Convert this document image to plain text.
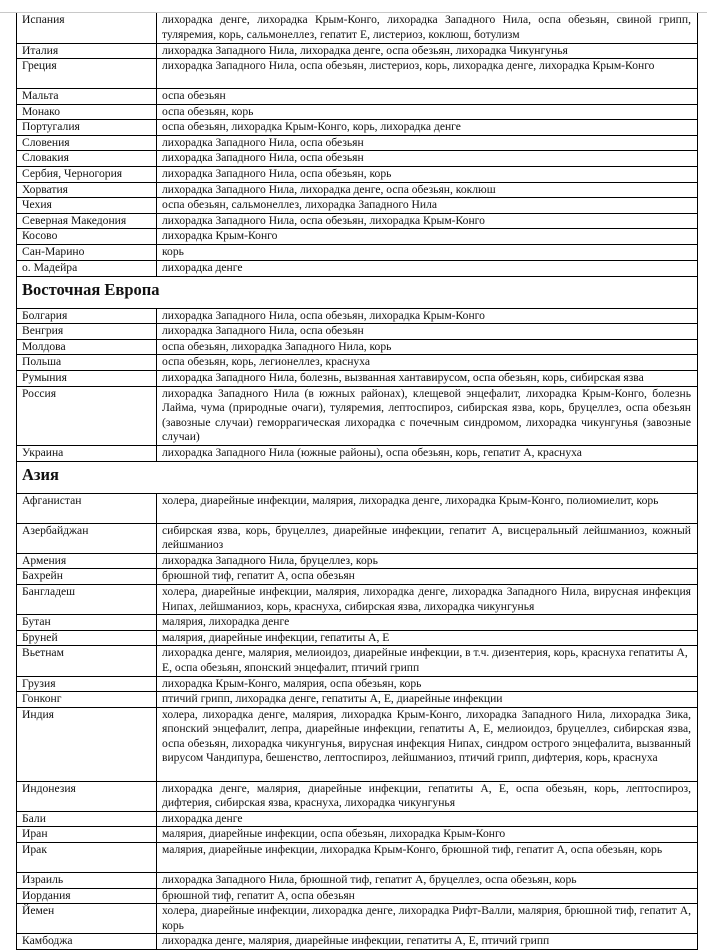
Испания	лихорадка денге, лихорадка Крым-Конго, лихорадка Западного Нила, оспа обезьян, свиной грипп, туляремия, корь, сальмонеллез, гепатит Е, листериоз, коклюш, ботулизм
Италия	лихорадка Западного Нила, лихорадка денге, оспа обезьян, лихорадка Чикунгунья
Греция	лихорадка Западного Нила, оспа обезьян, листериоз, корь, лихорадка денге, лихорадка Крым-Конго
Мальта	оспа обезьян
Монако	оспа обезьян, корь
Португалия	оспа обезьян, лихорадка Крым-Конго, корь, лихорадка денге
Словения	лихорадка Западного Нила, оспа обезьян
Словакия	лихорадка Западного Нила, оспа обезьян
Сербия, Черногория	лихорадка Западного Нила, оспа обезьян, корь
Хорватия	лихорадка Западного Нила, лихорадка денге, оспа обезьян, коклюш
Чехия	оспа обезьян, сальмонеллез, лихорадка Западного Нила
Северная Македония	лихорадка Западного Нила, оспа обезьян, лихорадка Крым-Конго
Косово	лихорадка Крым-Конго
Сан-Марино	корь
о. Мадейра	лихорадка денге
Восточная Европа	
Болгария	лихорадка Западного Нила, оспа обезьян, лихорадка Крым-Конго
Венгрия	лихорадка Западного Нила, оспа обезьян
Молдова	оспа обезьян, лихорадка Западного Нила, корь
Польша	оспа обезьян, корь, легионеллез, краснуха
Румыния	лихорадка Западного Нила, болезнь, вызванная хантавирусом, оспа обезьян, корь, сибирская язва
Россия	лихорадка Западного Нила (в южных районах), клещевой энцефалит, лихорадка Крым-Конго, болезнь Лайма, чума (природные очаги), туляремия, лептоспироз, сибирская язва, корь, бруцеллез, оспа обезьян (завозные случаи) геморрагическая лихорадка с почечным синдромом, лихорадка чикунгунья (завозные случаи)
Украина	лихорадка Западного Нила (южные районы), оспа обезьян, корь, гепатит А, краснуха
Азия	
Афганистан	холера, диарейные инфекции, малярия, лихорадка денге, лихорадка Крым-Конго, полиомиелит, корь
Азербайджан	сибирская язва, корь, бруцеллез, диарейные инфекции, гепатит А, висцеральный лейшманиоз, кожный лейшманиоз
Армения	лихорадка Западного Нила, бруцеллез, корь
Бахрейн	брюшной тиф, гепатит А, оспа обезьян
Бангладеш	холера, диарейные инфекции, малярия, лихорадка денге, лихорадка Западного Нила, вирусная инфекция Нипах, лейшманиоз, корь, краснуха, сибирская язва, лихорадка чикунгунья
Бутан	малярия, лихорадка денге
Бруней	малярия, диарейные инфекции, гепатиты А, Е
Вьетнам	лихорадка денге, малярия, мелиоидоз, диарейные инфекции, в т.ч. дизентерия, корь, краснуха гепатиты А, Е, оспа обезьян, японский энцефалит, птичий грипп
Грузия	лихорадка Крым-Конго, малярия, оспа обезьян, корь
Гонконг	птичий грипп, лихорадка денге, гепатиты А, Е, диарейные инфекции
Индия	холера, лихорадка денге, малярия, лихорадка Крым-Конго, лихорадка Западного Нила, лихорадка Зика, японский энцефалит, лепра, диарейные инфекции, гепатиты А, Е, мелиоидоз, бруцеллез, сибирская язва, оспа обезьян, лихорадка чикунгунья, вирусная инфекция Нипах, синдром острого энцефалита, вызванный вирусом Чандипура, бешенство, лептоспироз, лейшманиоз, птичий грипп, дифтерия, корь, краснуха
Индонезия	лихорадка денге, малярия, диарейные инфекции, гепатиты А, Е, оспа обезьян, корь, лептоспироз, дифтерия, сибирская язва, краснуха, лихорадка чикунгунья
Бали	лихорадка денге
Иран	малярия, диарейные инфекции, оспа обезьян, лихорадка Крым-Конго
Ирак	малярия, диарейные инфекции, лихорадка Крым-Конго, брюшной тиф, гепатит А, оспа обезьян, корь
Израиль	лихорадка Западного Нила, брюшной тиф, гепатит А, бруцеллез, оспа обезьян, корь
Иордания	брюшной тиф, гепатит А, оспа обезьян
Йемен	холера, диарейные инфекции, лихорадка денге, лихорадка Рифт-Валли, малярия, брюшной тиф, гепатит А, корь
Камбоджа	лихорадка денге, малярия, диарейные инфекции, гепатиты А, Е, птичий грипп
